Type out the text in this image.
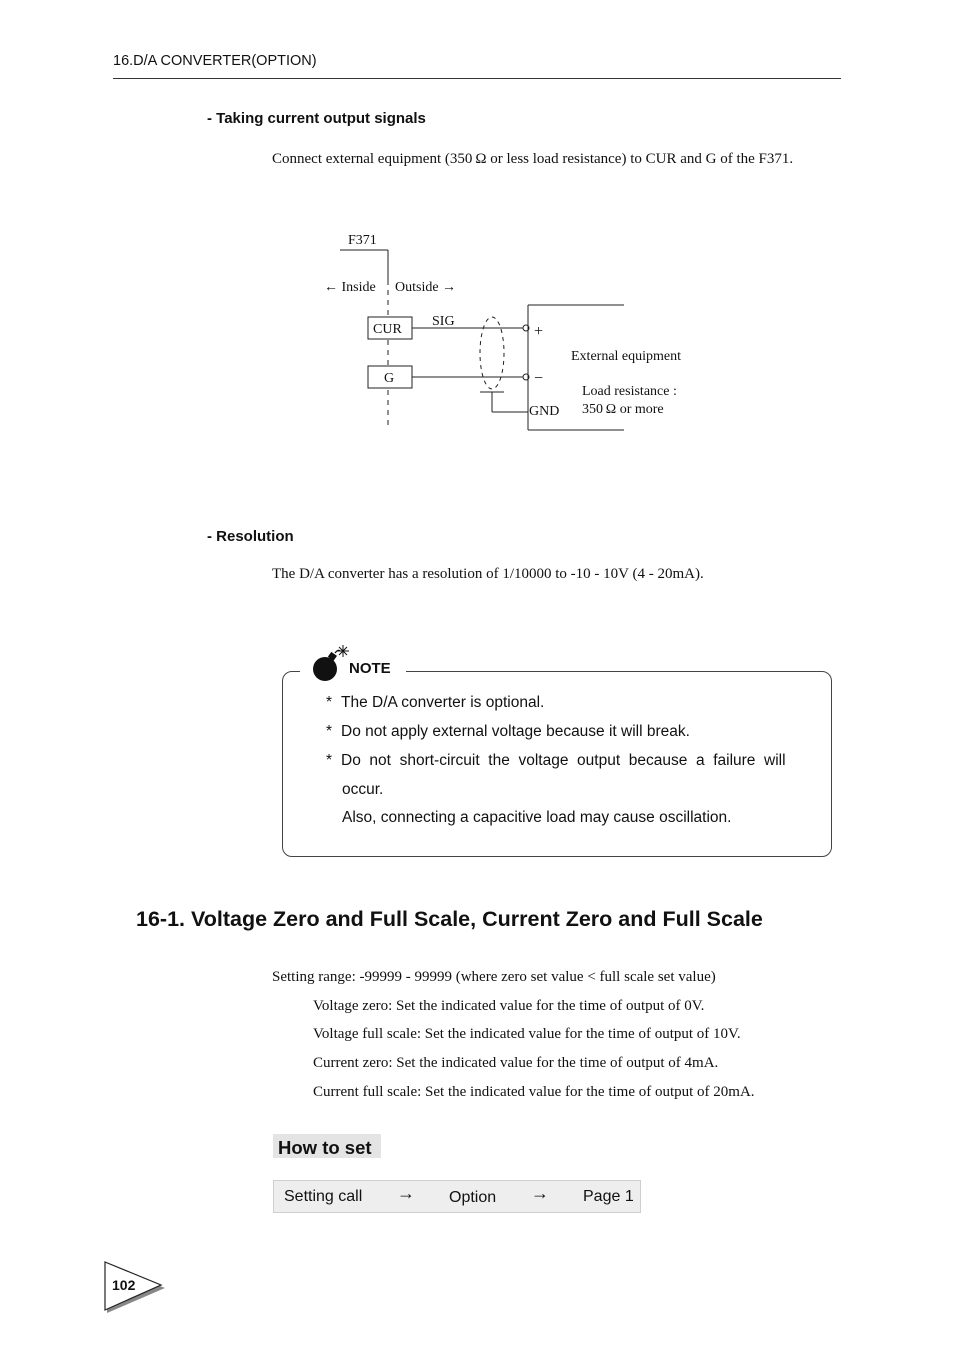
16.D/A CONVERTER(OPTION)
- Taking current output signals
Connect external equipment (350 Ω or less load resistance) to CUR and G of the F371.
F371
← Inside Outside →
CUR
G
SIG
+
−
GND
External equipment
Load resistance :
350 Ω or more
- Resolution
The D/A converter has a resolution of 1/10000 to -10 - 10V (4 - 20mA).
NOTE
* The D/A converter is optional.
* Do not apply external voltage because it will break.
* Do  not  short-circuit  the  voltage  output  because  a  failure  will
occur.
Also, connecting a capacitive load may cause oscillation.
16-1. Voltage Zero and Full Scale, Current Zero and Full Scale
Setting range: -99999 - 99999 (where zero set value < full scale set value)
Voltage zero: Set the indicated value for the time of output of 0V.
Voltage full scale: Set the indicated value for the time of output of 10V.
Current zero: Set the indicated value for the time of output of 4mA.
Current full scale: Set the indicated value for the time of output of 20mA.
How to set
Setting call → Option → Page 1
102
